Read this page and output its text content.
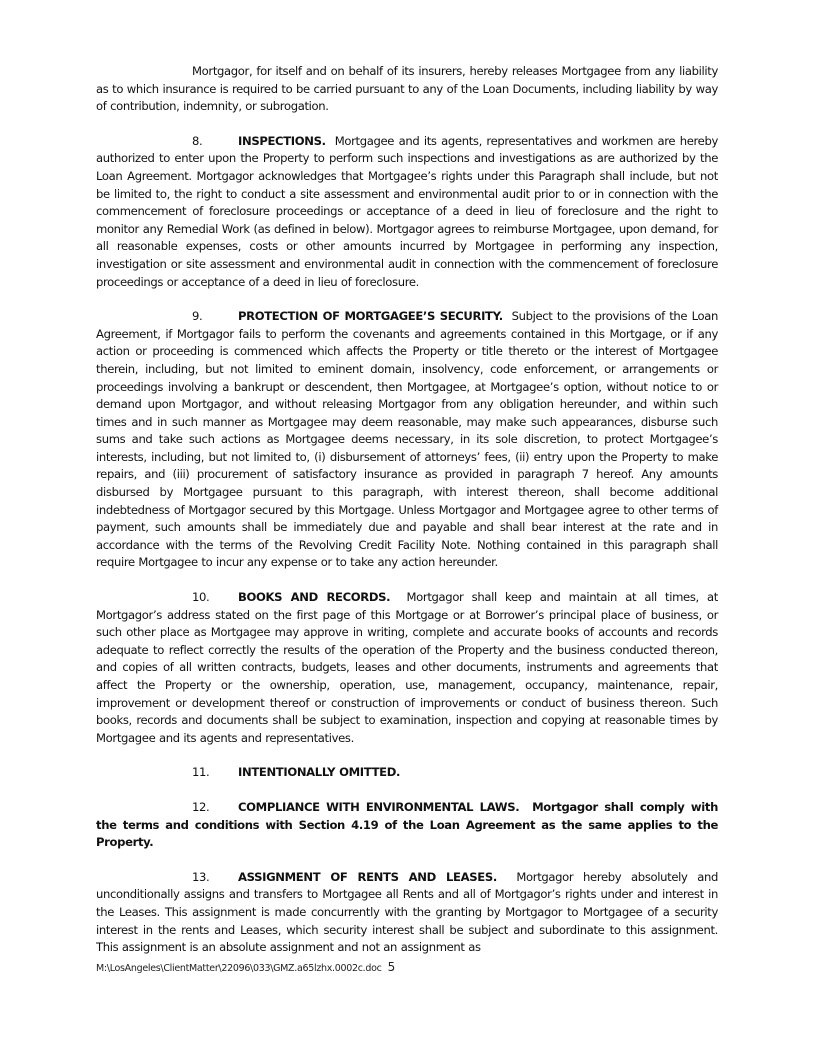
Mortgagor, for itself and on behalf of its insurers, hereby releases Mortgagee from any liability as to which insurance is required to be carried pursuant to any of the Loan Documents, including liability by way of contribution, indemnity, or subrogation.

8.	INSPECTIONS. Mortgagee and its agents, representatives and workmen are hereby authorized to enter upon the Property to perform such inspections and investigations as are authorized by the Loan Agreement. Mortgagor acknowledges that Mortgagee’s rights under this Paragraph shall include, but not be limited to, the right to conduct a site assessment and environmental audit prior to or in connection with the commencement of foreclosure proceedings or acceptance of a deed in lieu of foreclosure and the right to monitor any Remedial Work (as defined in below). Mortgagor agrees to reimburse Mortgagee, upon demand, for all reasonable expenses, costs or other amounts incurred by Mortgagee in performing any inspection, investigation or site assessment and environmental audit in connection with the commencement of foreclosure proceedings or acceptance of a deed in lieu of foreclosure.

9.	PROTECTION OF MORTGAGEE’S SECURITY. Subject to the provisions of the Loan Agreement, if Mortgagor fails to perform the covenants and agreements contained in this Mortgage, or if any action or proceeding is commenced which affects the Property or title thereto or the interest of Mortgagee therein, including, but not limited to eminent domain, insolvency, code enforcement, or arrangements or proceedings involving a bankrupt or descendent, then Mortgagee, at Mortgagee’s option, without notice to or demand upon Mortgagor, and without releasing Mortgagor from any obligation hereunder, and within such times and in such manner as Mortgagee may deem reasonable, may make such appearances, disburse such sums and take such actions as Mortgagee deems necessary, in its sole discretion, to protect Mortgagee’s interests, including, but not limited to, (i) disbursement of attorneys’ fees, (ii) entry upon the Property to make repairs, and (iii) procurement of satisfactory insurance as provided in paragraph 7 hereof. Any amounts disbursed by Mortgagee pursuant to this paragraph, with interest thereon, shall become additional indebtedness of Mortgagor secured by this Mortgage. Unless Mortgagor and Mortgagee agree to other terms of payment, such amounts shall be immediately due and payable and shall bear interest at the rate and in accordance with the terms of the Revolving Credit Facility Note. Nothing contained in this paragraph shall require Mortgagee to incur any expense or to take any action hereunder.

10. BOOKS AND RECORDS. Mortgagor shall keep and maintain at all times, at Mortgagor’s address stated on the first page of this Mortgage or at Borrower’s principal place of business, or such other place as Mortgagee may approve in writing, complete and accurate books of accounts and records adequate to reflect correctly the results of the operation of the Property and the business conducted thereon, and copies of all written contracts, budgets, leases and other documents, instruments and agreements that affect the Property or the ownership, operation, use, management, occupancy, maintenance, repair, improvement or development thereof or construction of improvements or conduct of business thereon. Such books, records and documents shall be subject to examination, inspection and copying at reasonable times by Mortgagee and its agents and representatives.

11. INTENTIONALLY OMITTED.

12. COMPLIANCE WITH ENVIRONMENTAL LAWS. Mortgagor shall comply with the terms and conditions with Section 4.19 of the Loan Agreement as the same applies to the Property.

13. ASSIGNMENT OF RENTS AND LEASES. Mortgagor hereby absolutely and unconditionally assigns and transfers to Mortgagee all Rents and all of Mortgagor’s rights under and interest in the Leases. This assignment is made concurrently with the granting by Mortgagor to Mortgagee of a security interest in the rents and Leases, which security interest shall be subject and subordinate to this assignment. This assignment is an absolute assignment and not an assignment as

M:\LosAngeles\ClientMatter\22096\033\GMZ.a65lzhx.0002c.doc 5
